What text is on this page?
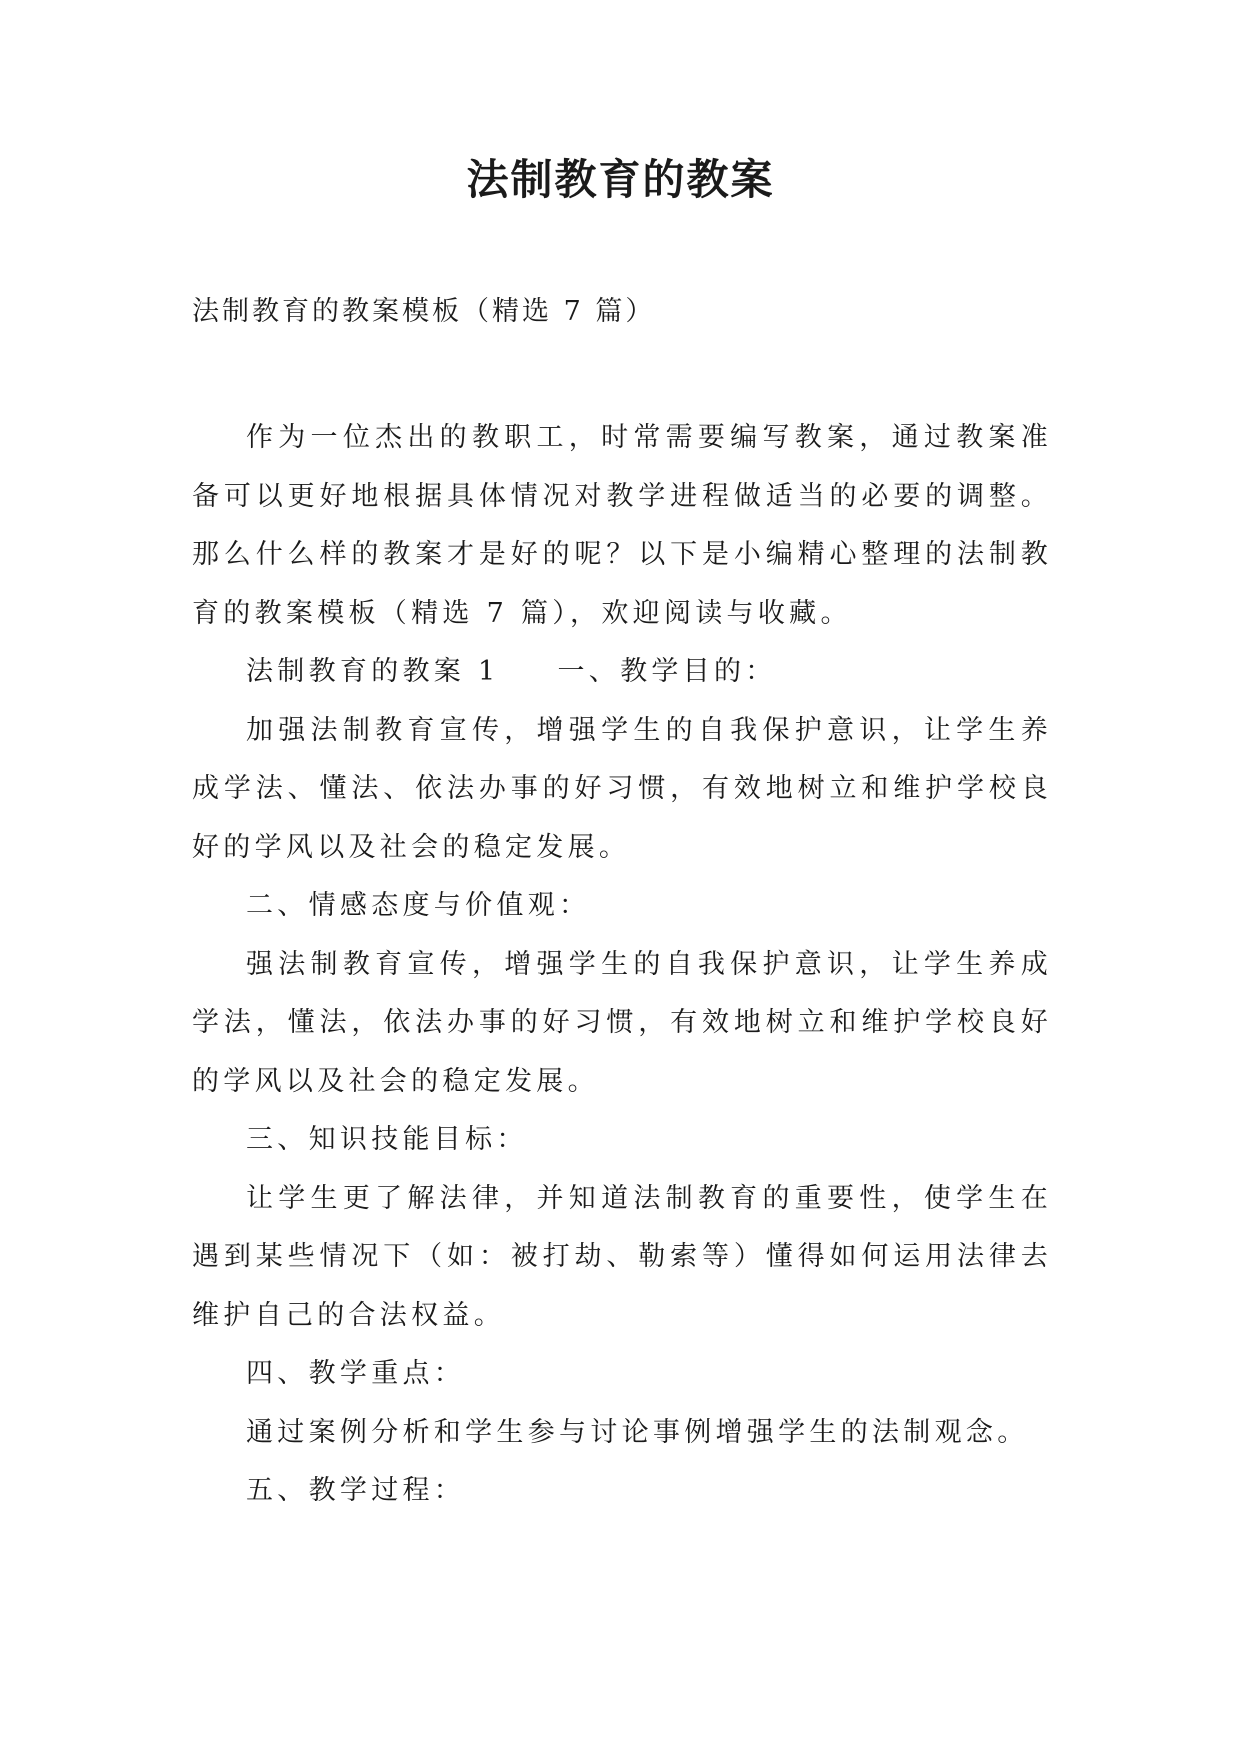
法制教育的教案

法制教育的教案模板（精选 7 篇）

作为一位杰出的教职工，时常需要编写教案，通过教案准备可以更好地根据具体情况对教学进程做适当的必要的调整。那么什么样的教案才是好的呢？以下是小编精心整理的法制教育的教案模板（精选 7 篇），欢迎阅读与收藏。

法制教育的教案 1 一、教学目的：

加强法制教育宣传，增强学生的自我保护意识，让学生养成学法、懂法、依法办事的好习惯，有效地树立和维护学校良好的学风以及社会的稳定发展。

二、情感态度与价值观：

强法制教育宣传，增强学生的自我保护意识，让学生养成学法，懂法，依法办事的好习惯，有效地树立和维护学校良好的学风以及社会的稳定发展。

三、知识技能目标：

让学生更了解法律，并知道法制教育的重要性，使学生在遇到某些情况下（如：被打劫、勒索等）懂得如何运用法律去维护自己的合法权益。

四、教学重点：

通过案例分析和学生参与讨论事例增强学生的法制观念。

五、教学过程：
